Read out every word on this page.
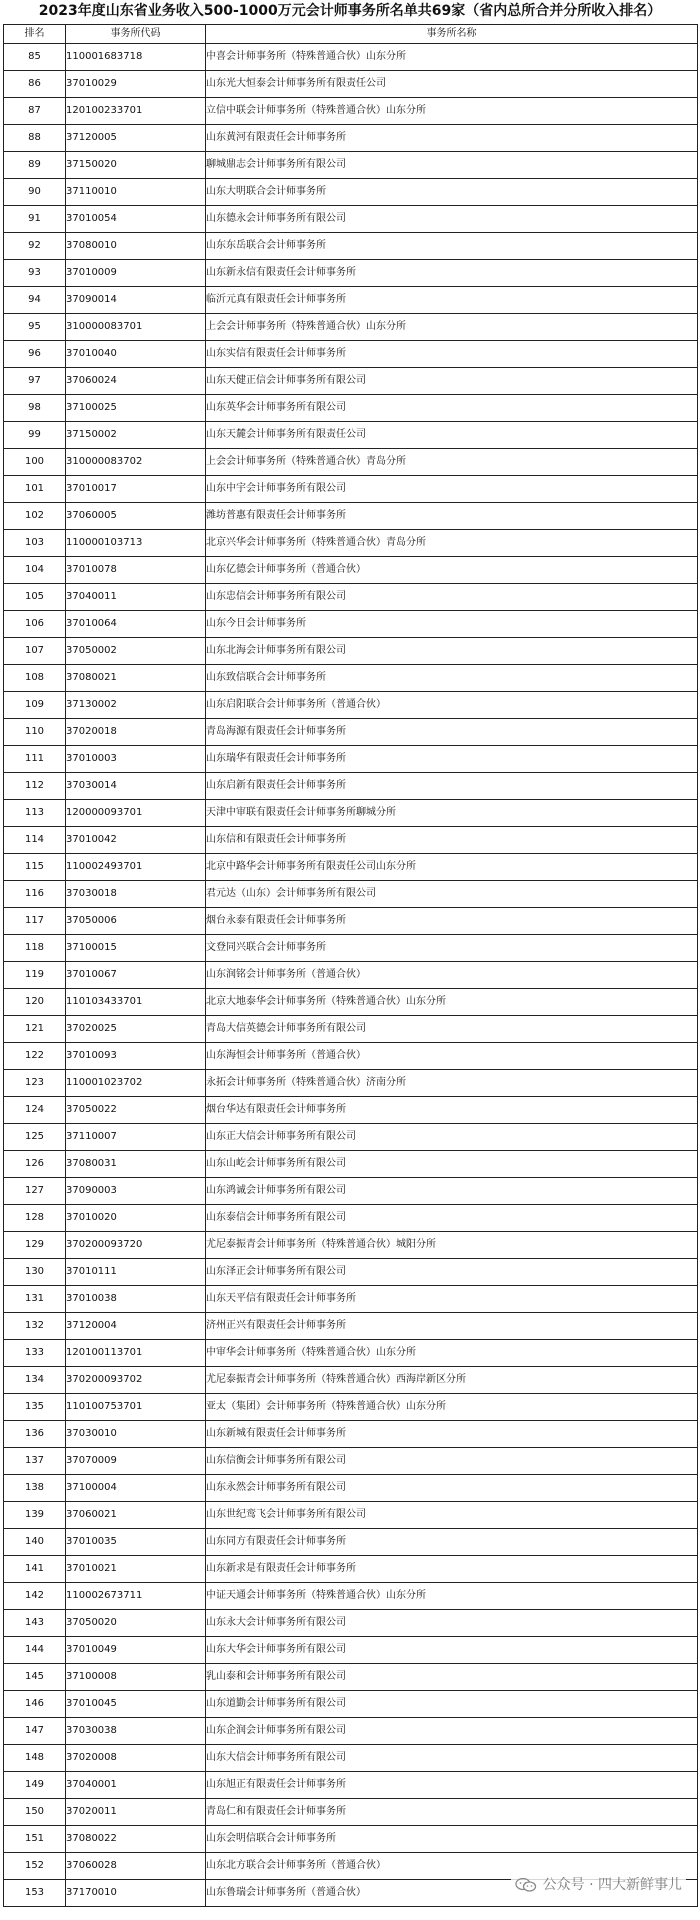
2023年度山东省业务收入500-1000万元会计师事务所名单共69家（省内总所合并分所收入排名）
排名	事务所代码	事务所名称
85	110001683718	中喜会计师事务所（特殊普通合伙）山东分所
86	37010029	山东光大恒泰会计师事务所有限责任公司
87	120100233701	立信中联会计师事务所（特殊普通合伙）山东分所
88	37120005	山东黄河有限责任会计师事务所
89	37150020	聊城鼎志会计师事务所有限公司
90	37110010	山东大明联合会计师事务所
91	37010054	山东德永会计师事务所有限公司
92	37080010	山东东岳联合会计师事务所
93	37010009	山东新永信有限责任会计师事务所
94	37090014	临沂元真有限责任会计师事务所
95	310000083701	上会会计师事务所（特殊普通合伙）山东分所
96	37010040	山东实信有限责任会计师事务所
97	37060024	山东天健正信会计师事务所有限公司
98	37100025	山东英华会计师事务所有限公司
99	37150002	山东天麓会计师事务所有限责任公司
100	310000083702	上会会计师事务所（特殊普通合伙）青岛分所
101	37010017	山东中宇会计师事务所有限公司
102	37060005	潍坊普惠有限责任会计师事务所
103	110000103713	北京兴华会计师事务所（特殊普通合伙）青岛分所
104	37010078	山东亿德会计师事务所（普通合伙）
105	37040011	山东忠信会计师事务所有限公司
106	37010064	山东今日会计师事务所
107	37050002	山东北海会计师事务所有限公司
108	37080021	山东致信联合会计师事务所
109	37130002	山东启阳联合会计师事务所（普通合伙）
110	37020018	青岛海源有限责任会计师事务所
111	37010003	山东瑞华有限责任会计师事务所
112	37030014	山东启新有限责任会计师事务所
113	120000093701	天津中审联有限责任会计师事务所聊城分所
114	37010042	山东信和有限责任会计师事务所
115	110002493701	北京中路华会计师事务所有限责任公司山东分所
116	37030018	君元达（山东）会计师事务所有限公司
117	37050006	烟台永泰有限责任会计师事务所
118	37100015	文登同兴联合会计师事务所
119	37010067	山东润铭会计师事务所（普通合伙）
120	110103433701	北京大地泰华会计师事务所（特殊普通合伙）山东分所
121	37020025	青岛大信英德会计师事务所有限公司
122	37010093	山东海恒会计师事务所（普通合伙）
123	110001023702	永拓会计师事务所（特殊普通合伙）济南分所
124	37050022	烟台华达有限责任会计师事务所
125	37110007	山东正大信会计师事务所有限公司
126	37080031	山东山屹会计师事务所有限公司
127	37090003	山东鸿诚会计师事务所有限公司
128	37010020	山东泰信会计师事务所有限公司
129	370200093720	尤尼泰振青会计师事务所（特殊普通合伙）城阳分所
130	37010111	山东泽正会计师事务所有限公司
131	37010038	山东天平信有限责任会计师事务所
132	37120004	济州正兴有限责任会计师事务所
133	120100113701	中审华会计师事务所（特殊普通合伙）山东分所
134	370200093702	尤尼泰振青会计师事务所（特殊普通合伙）西海岸新区分所
135	110100753701	亚太（集团）会计师事务所（特殊普通合伙）山东分所
136	37030010	山东新城有限责任会计师事务所
137	37070009	山东信衡会计师事务所有限公司
138	37100004	山东永然会计师事务所有限公司
139	37060021	山东世纪鸾飞会计师事务所有限公司
140	37010035	山东同方有限责任会计师事务所
141	37010021	山东新求是有限责任会计师事务所
142	110002673711	中证天通会计师事务所（特殊普通合伙）山东分所
143	37050020	山东永大会计师事务所有限公司
144	37010049	山东大华会计师事务所有限公司
145	37100008	乳山泰和会计师事务所有限公司
146	37010045	山东道勤会计师事务所有限公司
147	37030038	山东企润会计师事务所有限公司
148	37020008	山东大信会计师事务所有限公司
149	37040001	山东旭正有限责任会计师事务所
150	37020011	青岛仁和有限责任会计师事务所
151	37080022	山东会明信联合会计师事务所
152	37060028	山东北方联合会计师事务所（普通合伙）
153	37170010	山东鲁瑞会计师事务所（普通合伙）	公众号 · 四大新鲜事儿
